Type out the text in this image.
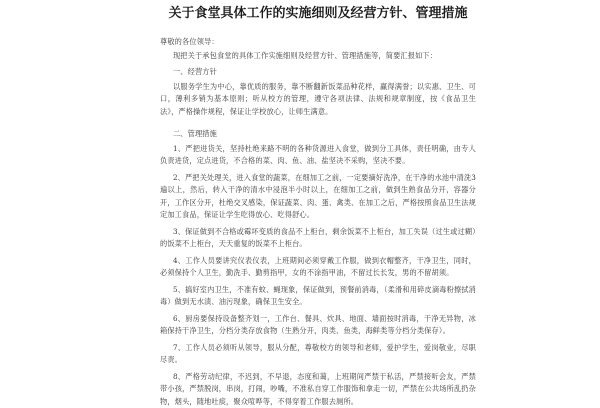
关于食堂具体工作的实施细则及经营方针、管理措施

尊敬的各位领导：

现把关于承包食堂的具体工作实施细则及经营方针、管理措施等，简要汇报如下：

一、经营方针

以服务学生为中心，靠优质的服务，靠不断翻新饭菜品种花样，赢得满誉；以实惠、卫生、可口，薄利多销为基本原则；听从校方的管理，遵守各项法律、法规和规章制度，按《食品卫生法》，严格操作规程，保证让学校放心，让师生满意。

二、管理措施

1、严把进货关，坚持杜绝来路不明的各种货源进入食堂，做到分工具体，责任明确，由专人负责进货，定点进货，不合格的菜、肉、鱼、油、盐坚决不采购，坚决不要。

2、严把关处理关，进入食堂的蔬菜，在细加工之前，一定要摘好洗净，在干净的水池中清洗3遍以上，然后，转入干净的清水中浸泡半小时以上，在细加工之前，做到生熟食品分开，容器分开，工作区分开，杜绝交叉感染，保证蔬菜、肉、蛋、禽类、在加工之后，严格按照食品卫生法规定加工食品，保证让学生吃得放心、吃得舒心。

3、保证做到不合格或霉坏变质的食品不上柜台，剩余饭菜不上柜台，加工失误（过生或过糊）的饭菜不上柜台，天天重复的饭菜不上柜台。

4、工作人员要讲究仪表仪表，上班期间必须穿戴工作服，做到衣帽整齐，干净卫生，同时，必须保持个人卫生，勤洗手、勤剪指甲，女的不涂指甲油，不留过长长发，男的不留胡须。

5、搞好室内卫生，不准有蚊、蝇现象，保证做到，预餐前消毒，（柔滑和用碎皮滴毒粉擦拭消毒）做到无水渍、油污现象，确保卫生安全。

6、厨房要保持设备整齐划一，工作台、餐具、炊具、地面、墙面按时消毒，干净无异物，冰箱保持干净卫生，分档分类存放食物（生熟分开，肉类、鱼类，海鲜类等分档分类保存）。

7、工作人员必须听从领导，服从分配，尊敬校方的领导和老师，爱护学生，爱岗敬业，尽职尽责。

8、严格劳动纪律，不迟到，不早退，态度和蔼，上班期间严禁干私活，严禁接听会友，严禁带小孩，严禁脱岗，串岗，打闹，吵嘴，不准私自穿工作服饰和拿走一切，严禁在公共场所乱扔杂物，烟头，随地吐痰，聚众喧哗等，不得穿着工作服去厕所。
